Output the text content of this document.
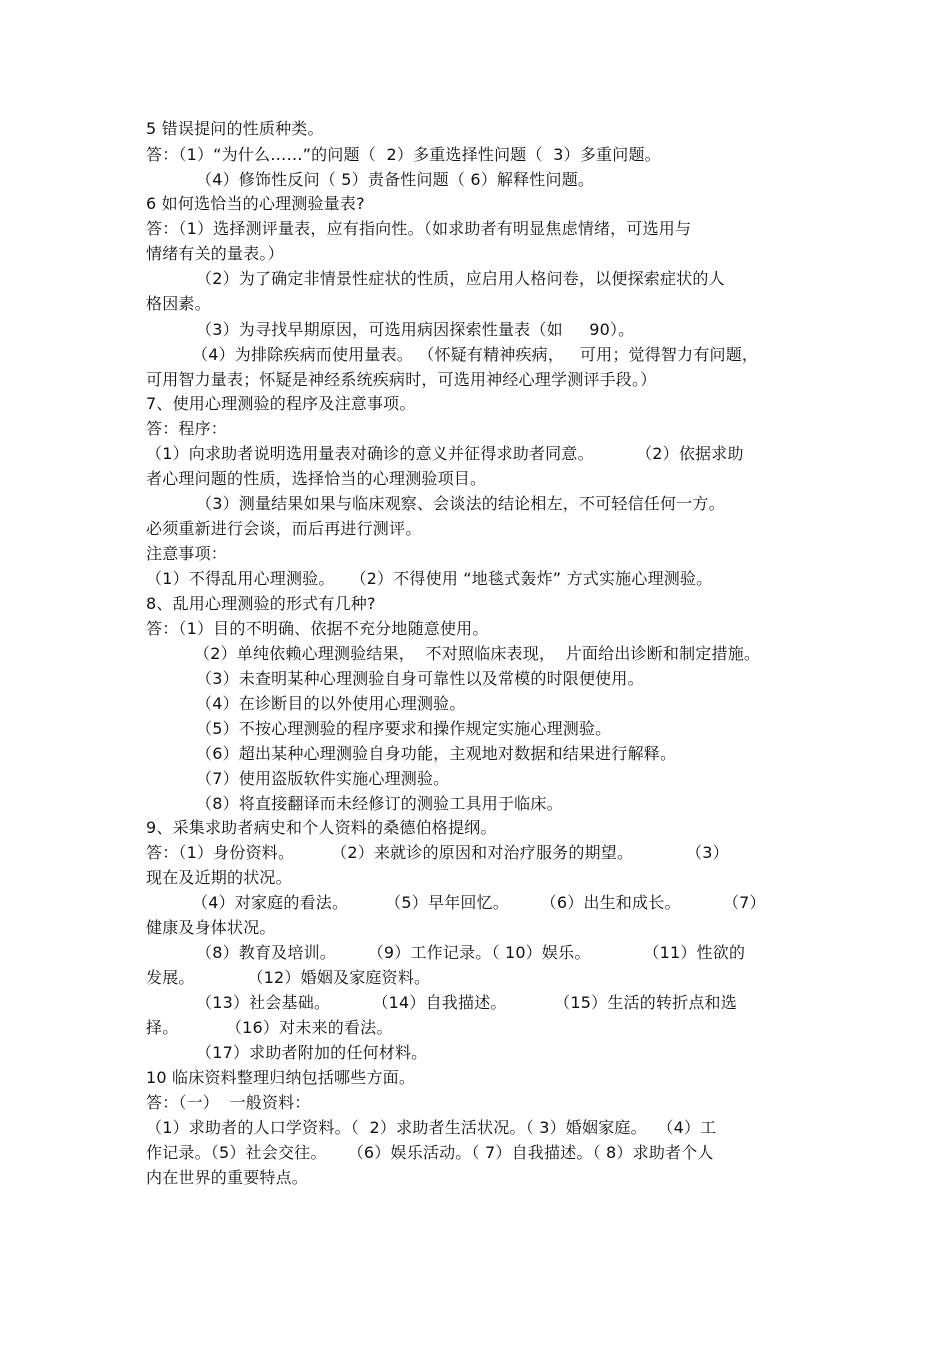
5 错误提问的性质种类。
答：（1）“为什么……”的问题（  2）多重选择性问题（  3）多重问题。
（4）修饰性反问（ 5）责备性问题（ 6）解释性问题。
6 如何选恰当的心理测验量表?
答：（1）选择测评量表，应有指向性。（如求助者有明显焦虑情绪，可选用与
情绪有关的量表。）
（2）为了确定非情景性症状的性质，应启用人格问卷，以便探索症状的人
格因素。
（3）为寻找早期原因，可选用病因探索性量表（如     90）。
（4）为排除疾病而使用量表。 （怀疑有精神疾病，   可用；觉得智力有问题，
可用智力量表；怀疑是神经系统疾病时，可选用神经心理学测评手段。）
7、使用心理测验的程序及注意事项。
答：程序：
（1）向求助者说明选用量表对确诊的意义并征得求助者同意。        （2）依据求助
者心理问题的性质，选择恰当的心理测验项目。
（3）测量结果如果与临床观察、会谈法的结论相左，不可轻信任何一方。
必须重新进行会谈，而后再进行测评。
注意事项：
（1）不得乱用心理测验。   （2）不得使用 “地毯式轰炸” 方式实施心理测验。
8、乱用心理测验的形式有几种?
答：（1）目的不明确、依据不充分地随意使用。
（2）单纯依赖心理测验结果，  不对照临床表现，  片面给出诊断和制定措施。
（3）未查明某种心理测验自身可靠性以及常模的时限便使用。
（4）在诊断目的以外使用心理测验。
（5）不按心理测验的程序要求和操作规定实施心理测验。
（6）超出某种心理测验自身功能，主观地对数据和结果进行解释。
（7）使用盗版软件实施心理测验。
（8）将直接翻译而未经修订的测验工具用于临床。
9、采集求助者病史和个人资料的桑德伯格提纲。
答：（1）身份资料。       （2）来就诊的原因和对治疗服务的期望。          （3）
现在及近期的状况。
（4）对家庭的看法。       （5）早年回忆。      （6）出生和成长。        （7）
健康及身体状况。
（8）教育及培训。      （9）工作记录。（ 10）娱乐。          （11）性欲的
发展。          （12）婚姻及家庭资料。
（13）社会基础。        （14）自我描述。         （15）生活的转折点和选
择。         （16）对未来的看法。
（17）求助者附加的任何材料。
10 临床资料整理归纳包括哪些方面。
答：（一）  一般资料：
（1）求助者的人口学资料。（  2）求助者生活状况。（ 3）婚姻家庭。  （4）工
作记录。（5）社会交往。    （6）娱乐活动。（ 7）自我描述。（ 8）求助者个人
内在世界的重要特点。
